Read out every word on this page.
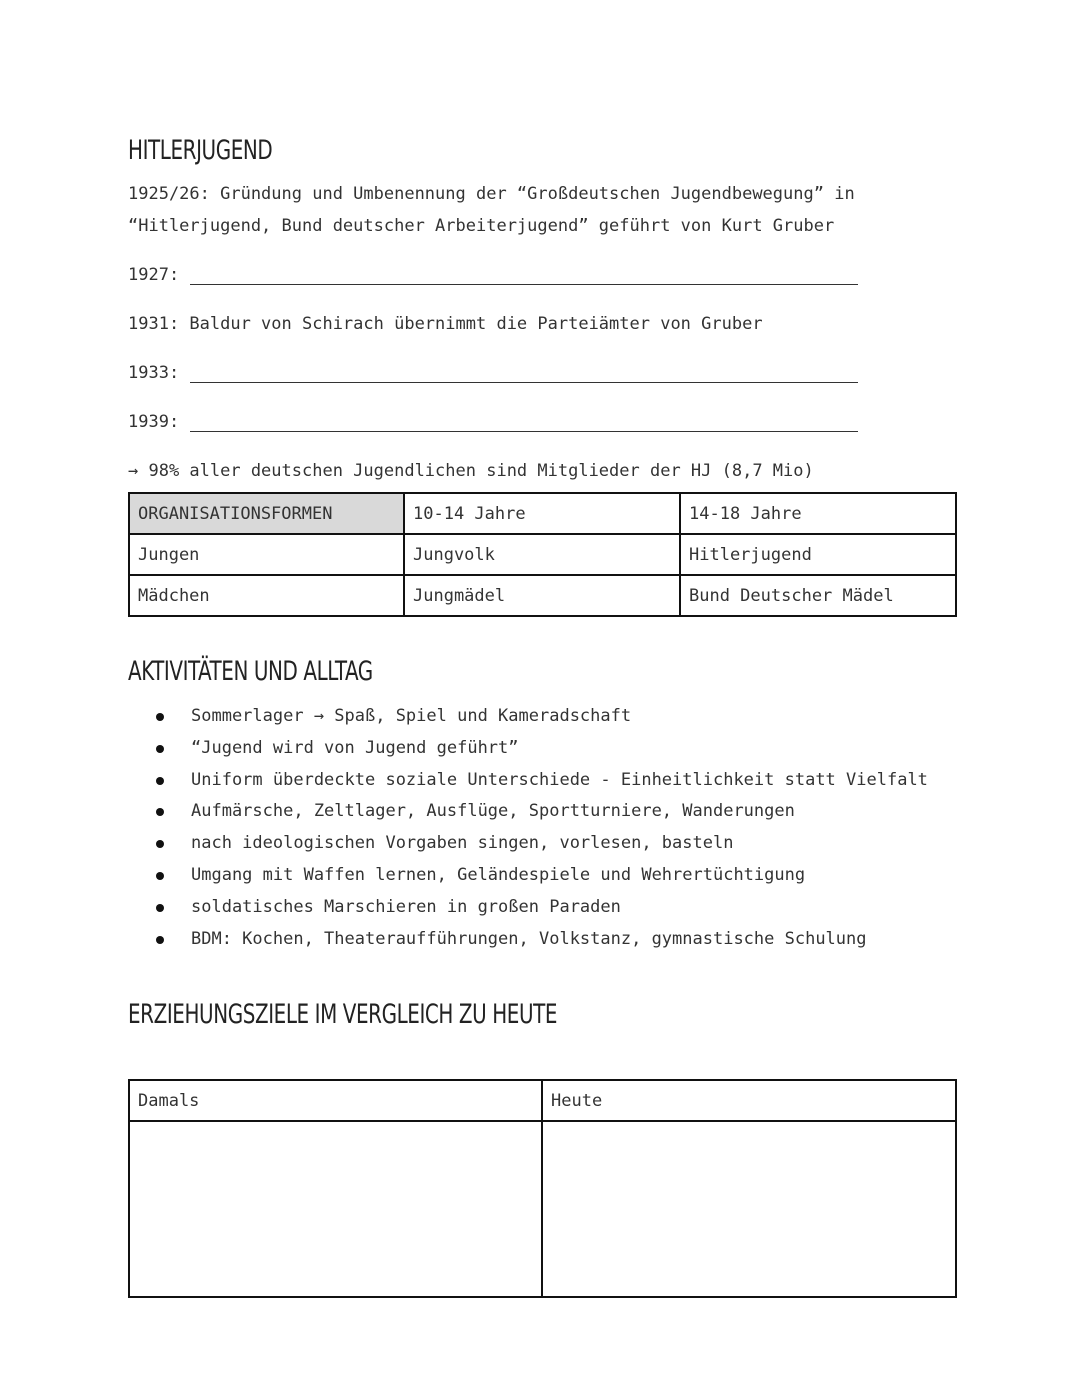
HITLERJUGEND
1925/26: Gründung und Umbenennung der “Großdeutschen Jugendbewegung” in
“Hitlerjugend, Bund deutscher Arbeiterjugend” geführt von Kurt Gruber
1927:
1931: Baldur von Schirach übernimmt die Parteiämter von Gruber
1933:
1939:
→ 98% aller deutschen Jugendlichen sind Mitglieder der HJ (8,7 Mio)
ORGANISATIONSFORMEN	10-14 Jahre	14-18 Jahre
Jungen	Jungvolk	Hitlerjugend
Mädchen	Jungmädel	Bund Deutscher Mädel
AKTIVITÄTEN UND ALLTAG
Sommerlager → Spaß, Spiel und Kameradschaft
“Jugend wird von Jugend geführt”
Uniform überdeckte soziale Unterschiede - Einheitlichkeit statt Vielfalt
Aufmärsche, Zeltlager, Ausflüge, Sportturniere, Wanderungen
nach ideologischen Vorgaben singen, vorlesen, basteln
Umgang mit Waffen lernen, Geländespiele und Wehrertüchtigung
soldatisches Marschieren in großen Paraden
BDM: Kochen, Theateraufführungen, Volkstanz, gymnastische Schulung
ERZIEHUNGSZIELE IM VERGLEICH ZU HEUTE
Damals	Heute
